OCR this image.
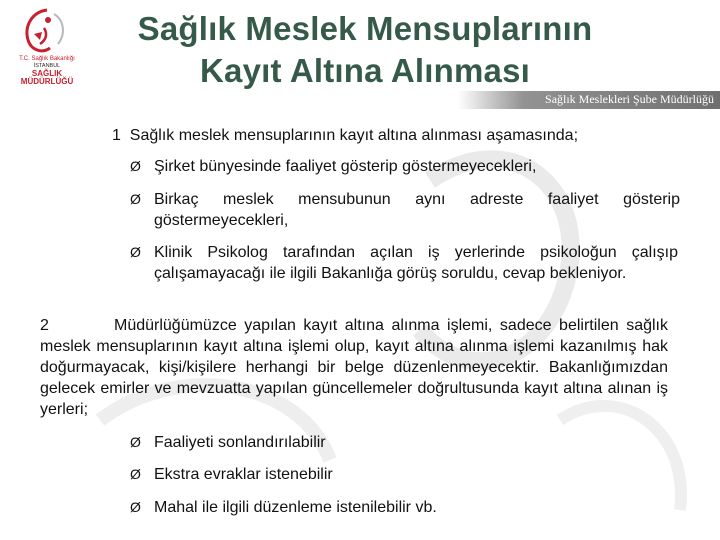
T.C. Sağlık Bakanlığı
İSTANBUL
SAĞLIK
MÜDÜRLÜĞÜ
Sağlık Meslek Mensuplarının
Kayıt Altına Alınması
Sağlık Meslekleri Şube Müdürlüğü
1 Sağlık meslek mensuplarının kayıt altına alınması aşamasında;
Ø Şirket bünyesinde faaliyet gösterip göstermeyecekleri,
Ø Birkaç meslek mensubunun aynı adreste faaliyet gösterip göstermeyecekleri,
Ø Klinik Psikolog tarafından açılan iş yerlerinde psikoloğun çalışıp çalışamayacağı ile ilgili Bakanlığa görüş soruldu, cevap bekleniyor.
2	Müdürlüğümüzce yapılan kayıt altına alınma işlemi, sadece belirtilen sağlık meslek mensuplarının kayıt altına işlemi olup, kayıt altına alınma işlemi kazanılmış hak doğurmayacak, kişi/kişilere herhangi bir belge düzenlenmeyecektir. Bakanlığımızdan gelecek emirler ve mevzuatta yapılan güncellemeler doğrultusunda kayıt altına alınan iş yerleri;
Ø Faaliyeti sonlandırılabilir
Ø Ekstra evraklar istenebilir
Ø Mahal ile ilgili düzenleme istenilebilir vb.
